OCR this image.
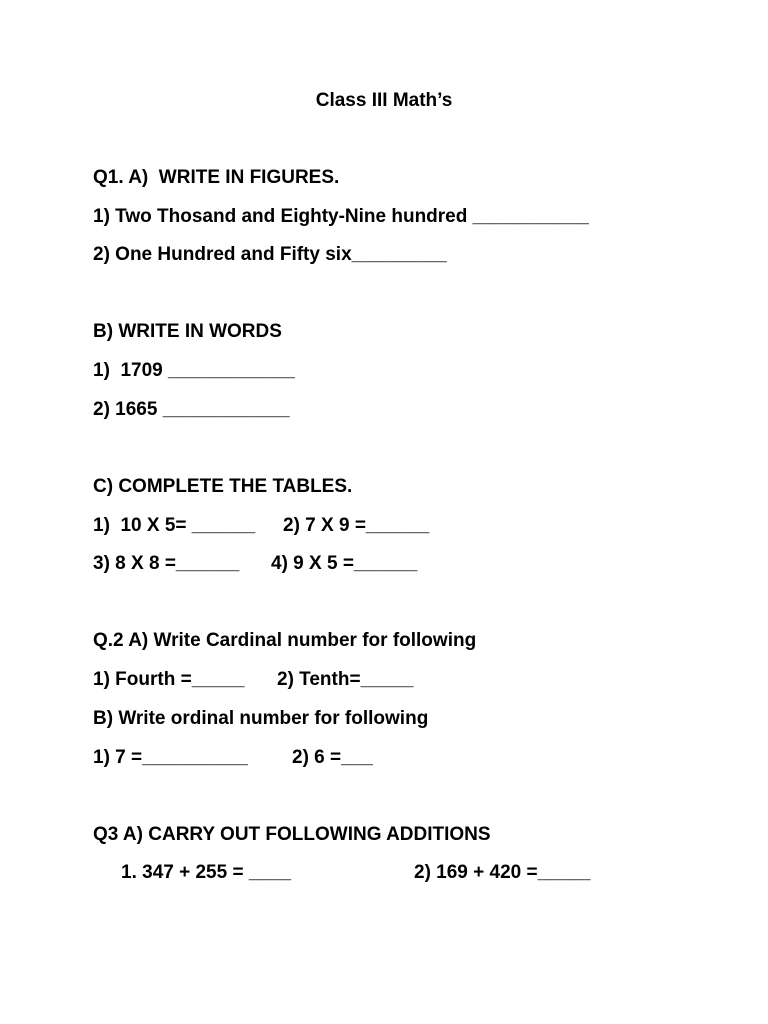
Class III Math’s
Q1. A)  WRITE IN FIGURES.
1) Two Thosand and Eighty-Nine hundred ___________
2) One Hundred and Fifty six_________
B) WRITE IN WORDS
1)  1709 ____________
2) 1665 ____________
C) COMPLETE THE TABLES.
1)  10 X 5= ______ 2) 7 X 9 =______
3) 8 X 8 =______ 4) 9 X 5 =______
Q.2 A) Write Cardinal number for following
1) Fourth =_____ 2) Tenth=_____
B) Write ordinal number for following
1) 7 =__________ 2) 6 =___
Q3 A) CARRY OUT FOLLOWING ADDITIONS
1. 347 + 255 = ____	2) 169 + 420 =_____
